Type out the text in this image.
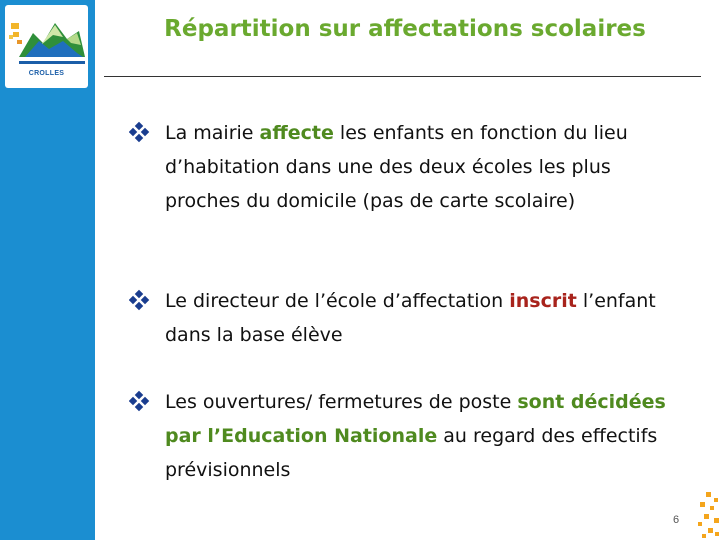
CROLLES
Répartition sur affectations scolaires
La mairie affecte les enfants en fonction du lieu d’habitation dans une des deux écoles les plus proches du domicile (pas de carte scolaire)
Le directeur de l’école d’affectation inscrit l’enfant dans la base élève
Les ouvertures/ fermetures de poste sont décidées par l’Education Nationale au regard des effectifs prévisionnels
6
